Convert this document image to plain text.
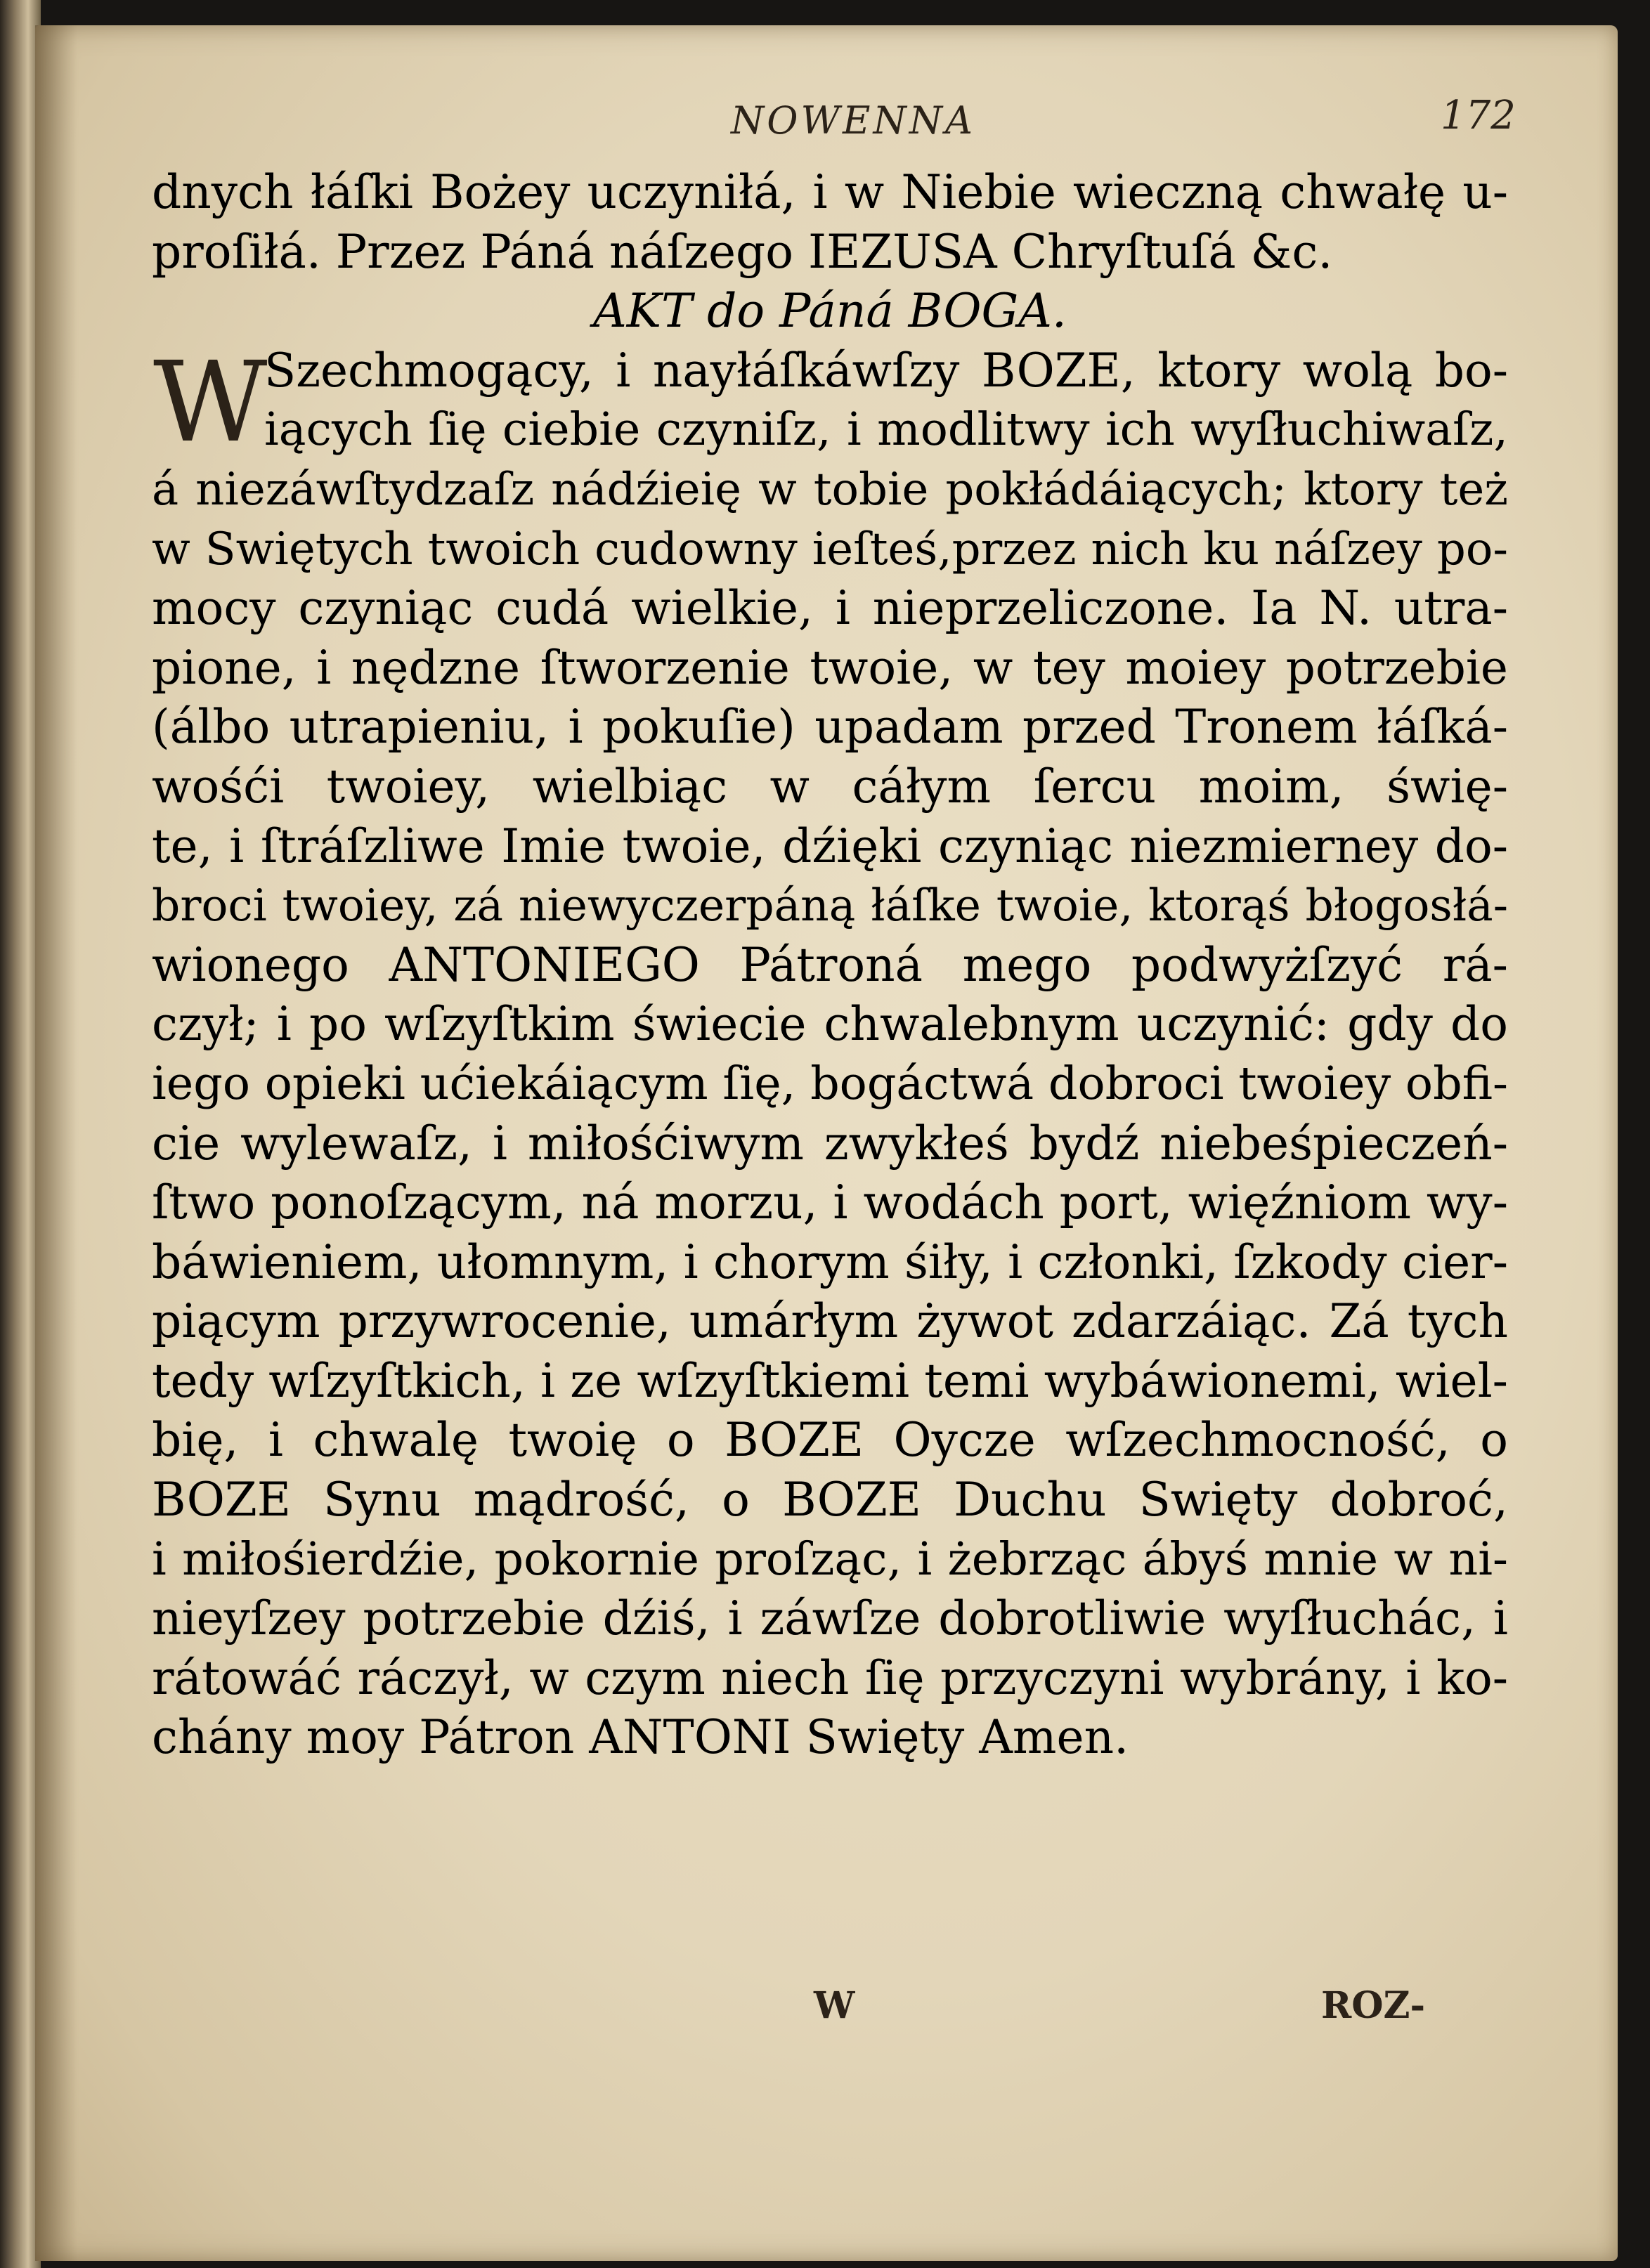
NOWENNA	172
W
dnych łáſki Bożey uczyniłá, i w Niebie wieczną chwałę u-
proſiłá. Przez Páná náſzego IEZUSA Chryſtuſá &c.
AKT do Páná BOGA.
Szechmogący, i nayłáſkáwſzy BOZE, ktory wolą bo-
iących ſię ciebie czyniſz, i modlitwy ich wyſłuchiwaſz,
á niezáwſtydzaſz nádźieię w tobie pokłádáiących; ktory też
w Swiętych twoich cudowny ieſteś,przez nich ku náſzey po-
mocy czyniąc cudá wielkie, i nieprzeliczone. Ia N. utra-
pione, i nędzne ſtworzenie twoie, w tey moiey potrzebie
(álbo utrapieniu, i pokuſie) upadam przed Tronem łáſká-
wośći twoiey, wielbiąc w cáłym ſercu moim, świę-
te, i ſtráſzliwe Imie twoie, dźięki czyniąc niezmierney do-
broci twoiey, zá niewyczerpáną łáſke twoie, ktorąś błogosłá-
wionego ANTONIEGO Pátroná mego podwyżſzyć rá-
czył; i po wſzyſtkim świecie chwalebnym uczynić: gdy do
iego opieki ućiekáiącym ſię, bogáctwá dobroci twoiey obfi-
cie wylewaſz, i miłośćiwym zwykłeś bydź niebeśpieczeń-
ſtwo ponoſzącym, ná morzu, i wodách port, więźniom wy-
báwieniem, ułomnym, i chorym śiły, i członki, ſzkody cier-
piącym przywrocenie, umárłym żywot zdarzáiąc. Zá tych
tedy wſzyſtkich, i ze wſzyſtkiemi temi wybáwionemi, wiel-
bię, i chwalę twoię o BOZE Oycze wſzechmocność, o
BOZE Synu mądrość, o BOZE Duchu Swięty dobroć,
i miłośierdźie, pokornie proſząc, i żebrząc ábyś mnie w ni-
nieyſzey potrzebie dźiś, i záwſze dobrotliwie wyſłuchác, i
rátowáć ráczył, w czym niech ſię przyczyni wybrány, i ko-
chány moy Pátron ANTONI Swięty Amen.
W	ROZ-
